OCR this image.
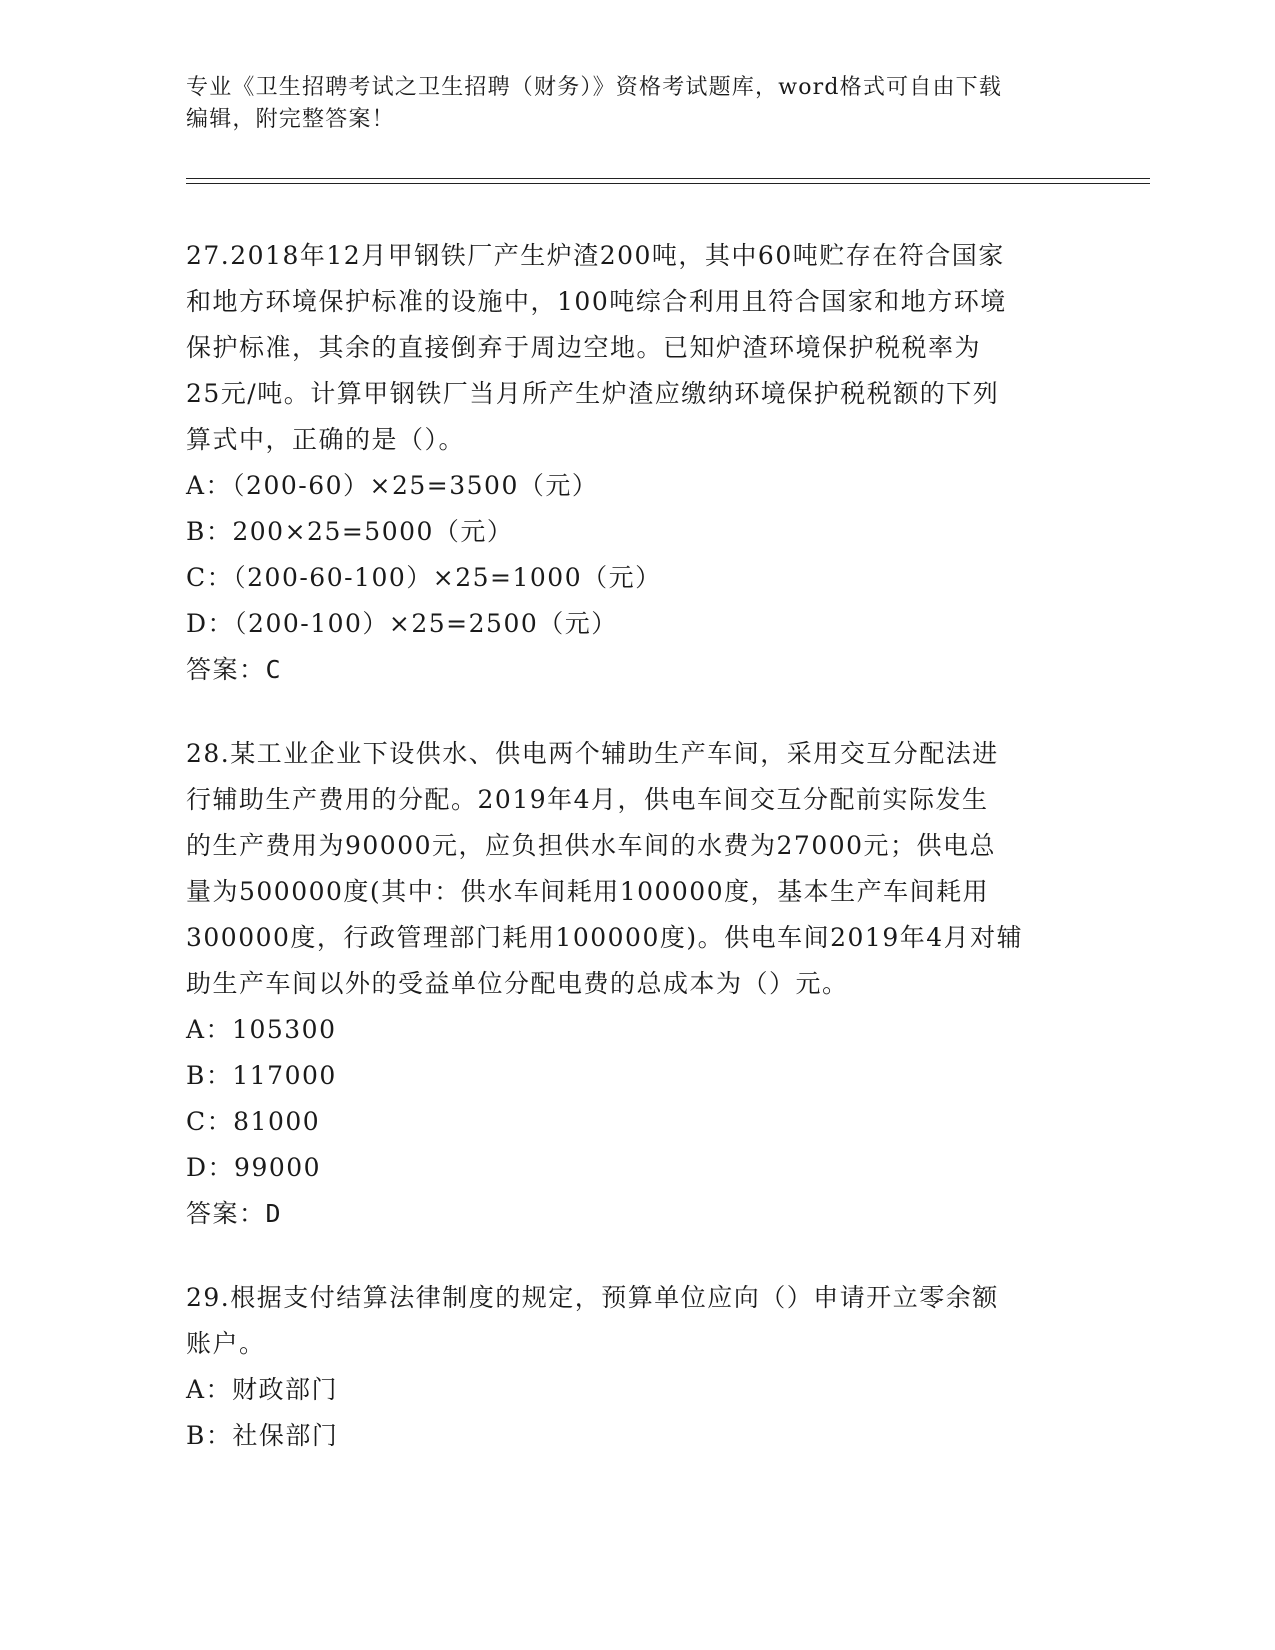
专业《卫生招聘考试之卫生招聘（财务）》资格考试题库，word格式可自由下载
编辑，附完整答案！

27.2018年12月甲钢铁厂产生炉渣200吨，其中60吨贮存在符合国家

和地方环境保护标准的设施中，100吨综合利用且符合国家和地方环境

保护标准，其余的直接倒弃于周边空地。已知炉渣环境保护税税率为

25元/吨。计算甲钢铁厂当月所产生炉渣应缴纳环境保护税税额的下列

算式中，正确的是（）。

A：（200-60）×25=3500（元）

B：200×25=5000（元）

C：（200-60-100）×25=1000（元）

D：（200-100）×25=2500（元）

答案：C

28.某工业企业下设供水、供电两个辅助生产车间，采用交互分配法进

行辅助生产费用的分配。2019年4月，供电车间交互分配前实际发生

的生产费用为90000元，应负担供水车间的水费为27000元；供电总

量为500000度(其中：供水车间耗用100000度，基本生产车间耗用

300000度，行政管理部门耗用100000度)。供电车间2019年4月对辅

助生产车间以外的受益单位分配电费的总成本为（）元。

A：105300

B：117000

C：81000

D：99000

答案：D

29.根据支付结算法律制度的规定，预算单位应向（）申请开立零余额

账户。

A：财政部门

B：社保部门
